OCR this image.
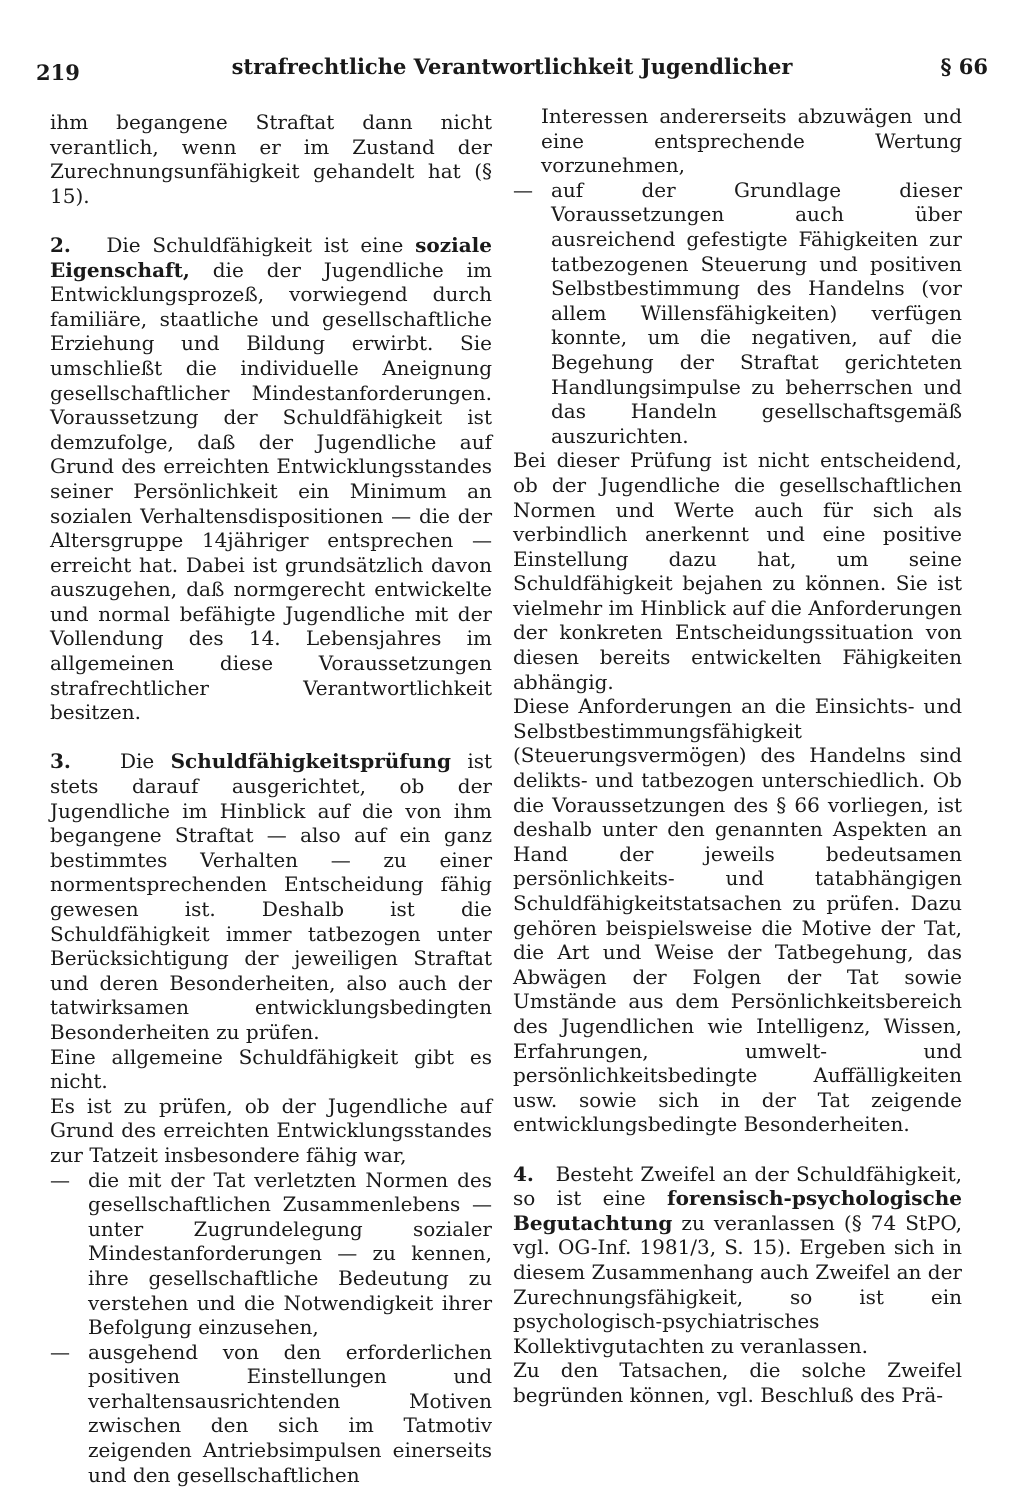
219	strafrechtliche Verantwortlichkeit Jugendlicher	§ 66

ihm begangene Straftat dann nicht verantlich, wenn er im Zustand der Zurechnungsunfähigkeit gehandelt hat (§ 15).

2. Die Schuldfähigkeit ist eine soziale Eigenschaft, die der Jugendliche im Entwicklungsprozeß, vorwiegend durch familiäre, staatliche und gesellschaftliche Erziehung und Bildung erwirbt. Sie umschließt die individuelle Aneignung gesellschaftlicher Mindestanforderungen. Voraussetzung der Schuldfähigkeit ist demzufolge, daß der Jugendliche auf Grund des erreichten Entwicklungsstandes seiner Persönlichkeit ein Minimum an sozialen Verhaltensdispositionen — die der Altersgruppe 14jähriger entsprechen — erreicht hat. Dabei ist grundsätzlich davon auszugehen, daß normgerecht entwickelte und normal befähigte Jugendliche mit der Vollendung des 14. Lebensjahres im allgemeinen diese Voraussetzungen strafrechtlicher Verantwortlichkeit besitzen.

3. Die Schuldfähigkeitsprüfung ist stets darauf ausgerichtet, ob der Jugendliche im Hinblick auf die von ihm begangene Straftat — also auf ein ganz bestimmtes Verhalten — zu einer normentsprechenden Entscheidung fähig gewesen ist. Deshalb ist die Schuldfähigkeit immer tatbezogen unter Berücksichtigung der jeweiligen Straftat und deren Besonderheiten, also auch der tatwirksamen entwicklungsbedingten Besonderheiten zu prüfen.

Eine allgemeine Schuldfähigkeit gibt es nicht.

Es ist zu prüfen, ob der Jugendliche auf Grund des erreichten Entwicklungsstandes zur Tatzeit insbesondere fähig war,

— die mit der Tat verletzten Normen des gesellschaftlichen Zusammenlebens — unter Zugrundelegung sozialer Mindestanforderungen — zu kennen, ihre gesellschaftliche Bedeutung zu verstehen und die Notwendigkeit ihrer Befolgung einzusehen,
— ausgehend von den erforderlichen positiven Einstellungen und verhaltensausrichtenden Motiven zwischen den sich im Tatmotiv zeigenden Antriebsimpulsen einerseits und den gesellschaftlichen

Interessen andererseits abzuwägen und eine entsprechende Wertung vorzunehmen,

— auf der Grundlage dieser Voraussetzungen auch über ausreichend gefestigte Fähigkeiten zur tatbezogenen Steuerung und positiven Selbstbestimmung des Handelns (vor allem Willensfähigkeiten) verfügen konnte, um die negativen, auf die Begehung der Straftat gerichteten Handlungsimpulse zu beherrschen und das Handeln gesellschaftsgemäß auszurichten.

Bei dieser Prüfung ist nicht entscheidend, ob der Jugendliche die gesellschaftlichen Normen und Werte auch für sich als verbindlich anerkennt und eine positive Einstellung dazu hat, um seine Schuldfähigkeit bejahen zu können. Sie ist vielmehr im Hinblick auf die Anforderungen der konkreten Entscheidungssituation von diesen bereits entwickelten Fähigkeiten abhängig.

Diese Anforderungen an die Einsichts- und Selbstbestimmungsfähigkeit (Steuerungsvermögen) des Handelns sind delikts- und tatbezogen unterschiedlich. Ob die Voraussetzungen des § 66 vorliegen, ist deshalb unter den genannten Aspekten an Hand der jeweils bedeutsamen persönlichkeits- und tatabhängigen Schuldfähigkeitstatsachen zu prüfen. Dazu gehören beispielsweise die Motive der Tat, die Art und Weise der Tatbegehung, das Abwägen der Folgen der Tat sowie Umstände aus dem Persönlichkeitsbereich des Jugendlichen wie Intelligenz, Wissen, Erfahrungen, umwelt- und persönlichkeitsbedingte Auffälligkeiten usw. sowie sich in der Tat zeigende entwicklungsbedingte Besonderheiten.

4. Besteht Zweifel an der Schuldfähigkeit, so ist eine forensisch-psychologische Begutachtung zu veranlassen (§ 74 StPO, vgl. OG-Inf. 1981/3, S. 15). Ergeben sich in diesem Zusammenhang auch Zweifel an der Zurechnungsfähigkeit, so ist ein psychologisch-psychiatrisches Kollektivgutachten zu veranlassen.

Zu den Tatsachen, die solche Zweifel begründen können, vgl. Beschluß des Prä-
